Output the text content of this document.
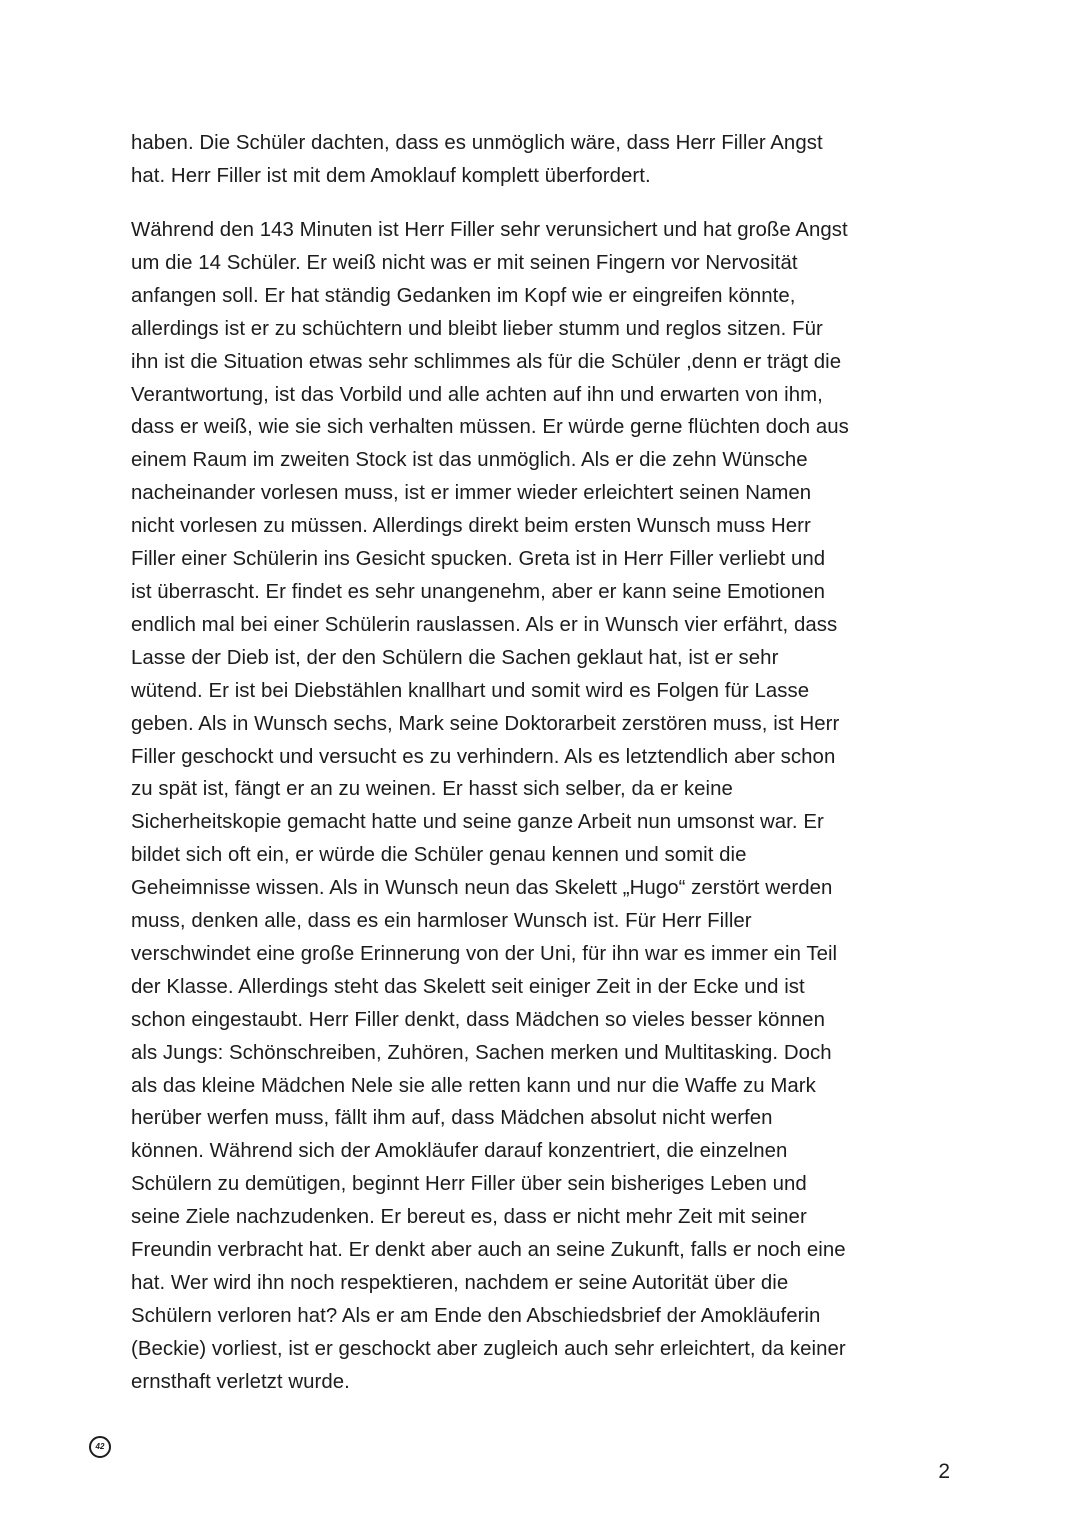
haben. Die Schüler dachten, dass es unmöglich wäre, dass Herr Filler Angst
hat. Herr Filler ist mit dem Amoklauf komplett überfordert.
Während den 143 Minuten ist Herr Filler sehr verunsichert und hat große Angst
um die 14 Schüler. Er weiß nicht was er mit seinen Fingern vor Nervosität
anfangen soll. Er hat ständig Gedanken im Kopf wie er eingreifen könnte,
allerdings ist er zu schüchtern und bleibt lieber stumm und reglos sitzen. Für
ihn ist die Situation etwas sehr schlimmes als für die Schüler ,denn er trägt die
Verantwortung, ist das Vorbild und alle achten auf ihn und erwarten von ihm,
dass er weiß, wie sie sich verhalten müssen. Er würde gerne flüchten doch aus
einem Raum im zweiten Stock ist das unmöglich. Als er die zehn Wünsche
nacheinander vorlesen muss, ist er immer wieder erleichtert seinen Namen
nicht vorlesen zu müssen. Allerdings direkt beim ersten Wunsch muss Herr
Filler einer Schülerin ins Gesicht spucken. Greta ist in Herr Filler verliebt und
ist überrascht. Er findet es sehr unangenehm, aber er kann seine Emotionen
endlich mal bei einer Schülerin rauslassen. Als er in Wunsch vier erfährt, dass
Lasse der Dieb ist, der den Schülern die Sachen geklaut hat, ist er sehr
wütend. Er ist bei Diebstählen knallhart und somit wird es Folgen für Lasse
geben. Als in Wunsch sechs, Mark seine Doktorarbeit zerstören muss, ist Herr
Filler geschockt und versucht es zu verhindern. Als es letztendlich aber schon
zu spät ist, fängt er an zu weinen. Er hasst sich selber, da er keine
Sicherheitskopie gemacht hatte und seine ganze Arbeit nun umsonst war. Er
bildet sich oft ein, er würde die Schüler genau kennen und somit die
Geheimnisse wissen. Als in Wunsch neun das Skelett „Hugo“ zerstört werden
muss, denken alle, dass es ein harmloser Wunsch ist. Für Herr Filler
verschwindet eine große Erinnerung von der Uni, für ihn war es immer ein Teil
der Klasse. Allerdings steht das Skelett seit einiger Zeit in der Ecke und ist
schon eingestaubt. Herr Filler denkt, dass Mädchen so vieles besser können
als Jungs: Schönschreiben, Zuhören, Sachen merken und Multitasking. Doch
als das kleine Mädchen Nele sie alle retten kann und nur die Waffe zu Mark
herüber werfen muss, fällt ihm auf, dass Mädchen absolut nicht werfen
können. Während sich der Amokläufer darauf konzentriert, die einzelnen
Schülern zu demütigen, beginnt Herr Filler über sein bisheriges Leben und
seine Ziele nachzudenken. Er bereut es, dass er nicht mehr Zeit mit seiner
Freundin verbracht hat. Er denkt aber auch an seine Zukunft, falls er noch eine
hat. Wer wird ihn noch respektieren, nachdem er seine Autorität über die
Schülern verloren hat? Als er am Ende den Abschiedsbrief der Amokläuferin
(Beckie) vorliest, ist er geschockt aber zugleich auch sehr erleichtert, da keiner
ernsthaft verletzt wurde.
42
2
